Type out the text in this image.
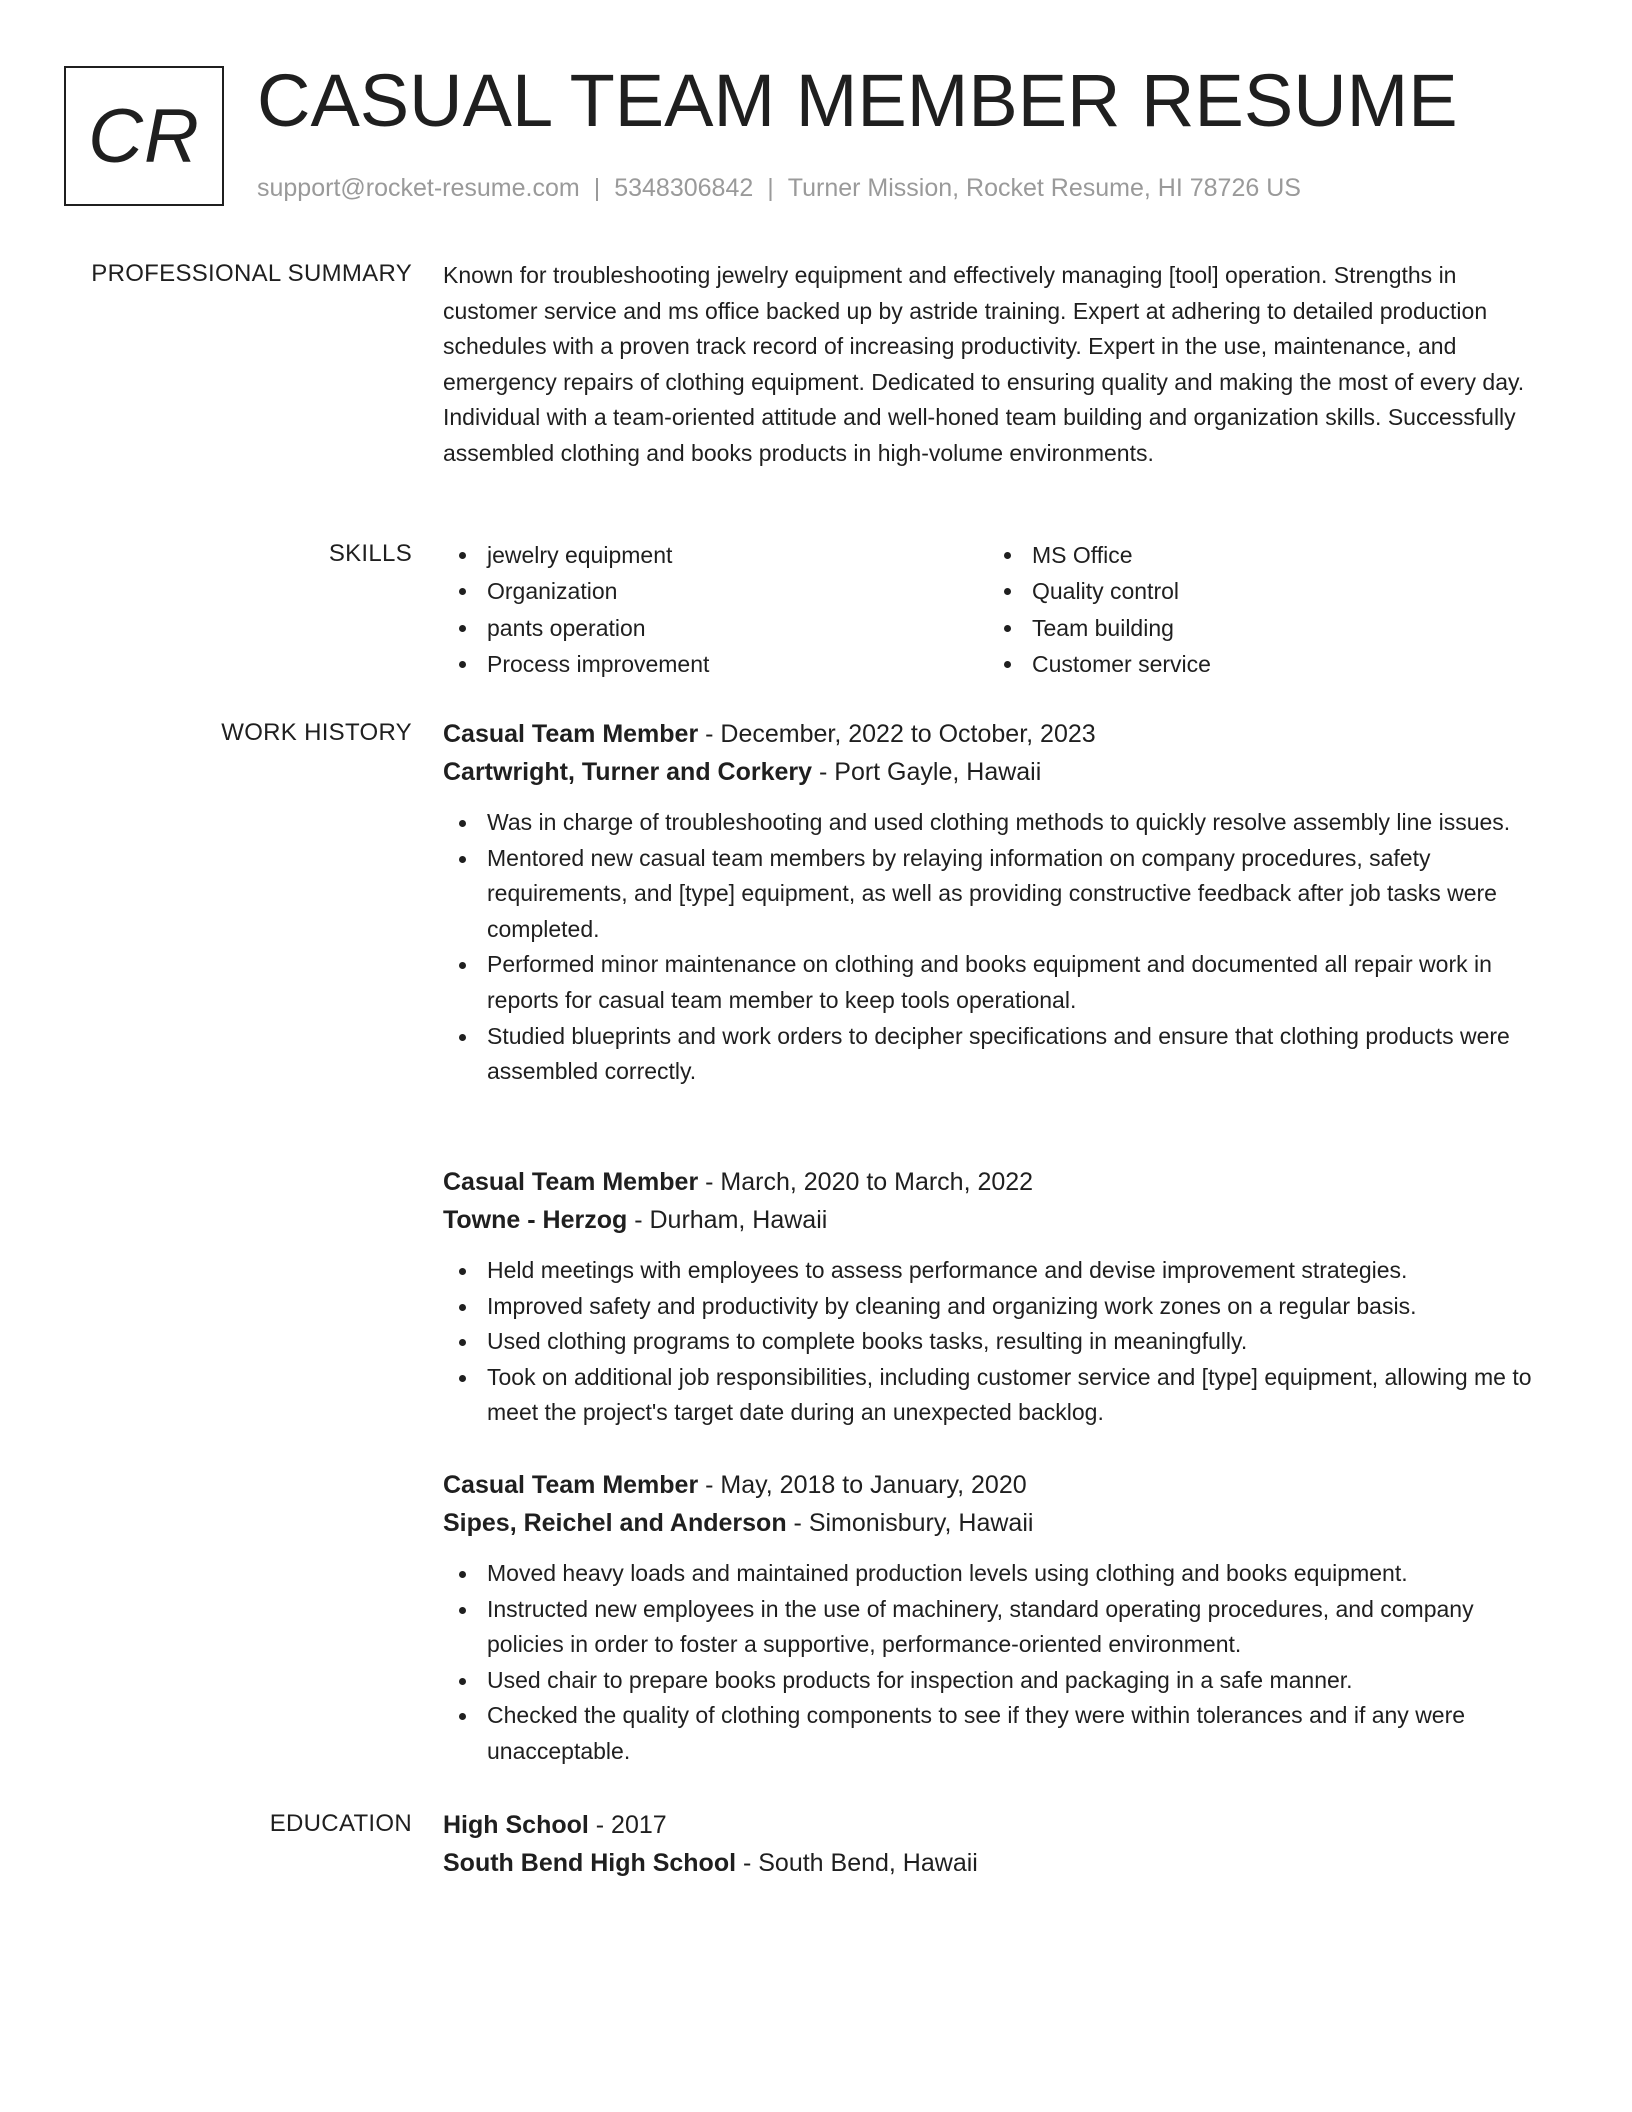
CR CASUAL TEAM MEMBER RESUME
support@rocket-resume.com | 5348306842 | Turner Mission, Rocket Resume, HI 78726 US
PROFESSIONAL SUMMARY Known for troubleshooting jewelry equipment and effectively managing [tool] operation. Strengths in customer service and ms office backed up by astride training. Expert at adhering to detailed production schedules with a proven track record of increasing productivity. Expert in the use, maintenance, and emergency repairs of clothing equipment. Dedicated to ensuring quality and making the most of every day. Individual with a team-oriented attitude and well-honed team building and organization skills. Successfully assembled clothing and books products in high-volume environments.

SKILLS	jewelry equipment
Organization
pants operation
Process improvement
MS Office
Quality control
Team building
Customer service
WORK HISTORY Casual Team Member - December, 2022 to October, 2023
Cartwright, Turner and Corkery - Port Gayle, Hawaii
Was in charge of troubleshooting and used clothing methods to quickly resolve assembly line issues.
Mentored new casual team members by relaying information on company procedures, safety requirements, and [type] equipment, as well as providing constructive feedback after job tasks were completed.
Performed minor maintenance on clothing and books equipment and documented all repair work in reports for casual team member to keep tools operational.
Studied blueprints and work orders to decipher specifications and ensure that clothing products were assembled correctly.
Casual Team Member - March, 2020 to March, 2022
Towne - Herzog - Durham, Hawaii
Held meetings with employees to assess performance and devise improvement strategies.
Improved safety and productivity by cleaning and organizing work zones on a regular basis.
Used clothing programs to complete books tasks, resulting in meaningfully.
Took on additional job responsibilities, including customer service and [type] equipment, allowing me to meet the project's target date during an unexpected backlog.
Casual Team Member - May, 2018 to January, 2020
Sipes, Reichel and Anderson - Simonisbury, Hawaii
Moved heavy loads and maintained production levels using clothing and books equipment.
Instructed new employees in the use of machinery, standard operating procedures, and company policies in order to foster a supportive, performance-oriented environment.
Used chair to prepare books products for inspection and packaging in a safe manner.
Checked the quality of clothing components to see if they were within tolerances and if any were unacceptable.
EDUCATION High School - 2017
South Bend High School - South Bend, Hawaii
